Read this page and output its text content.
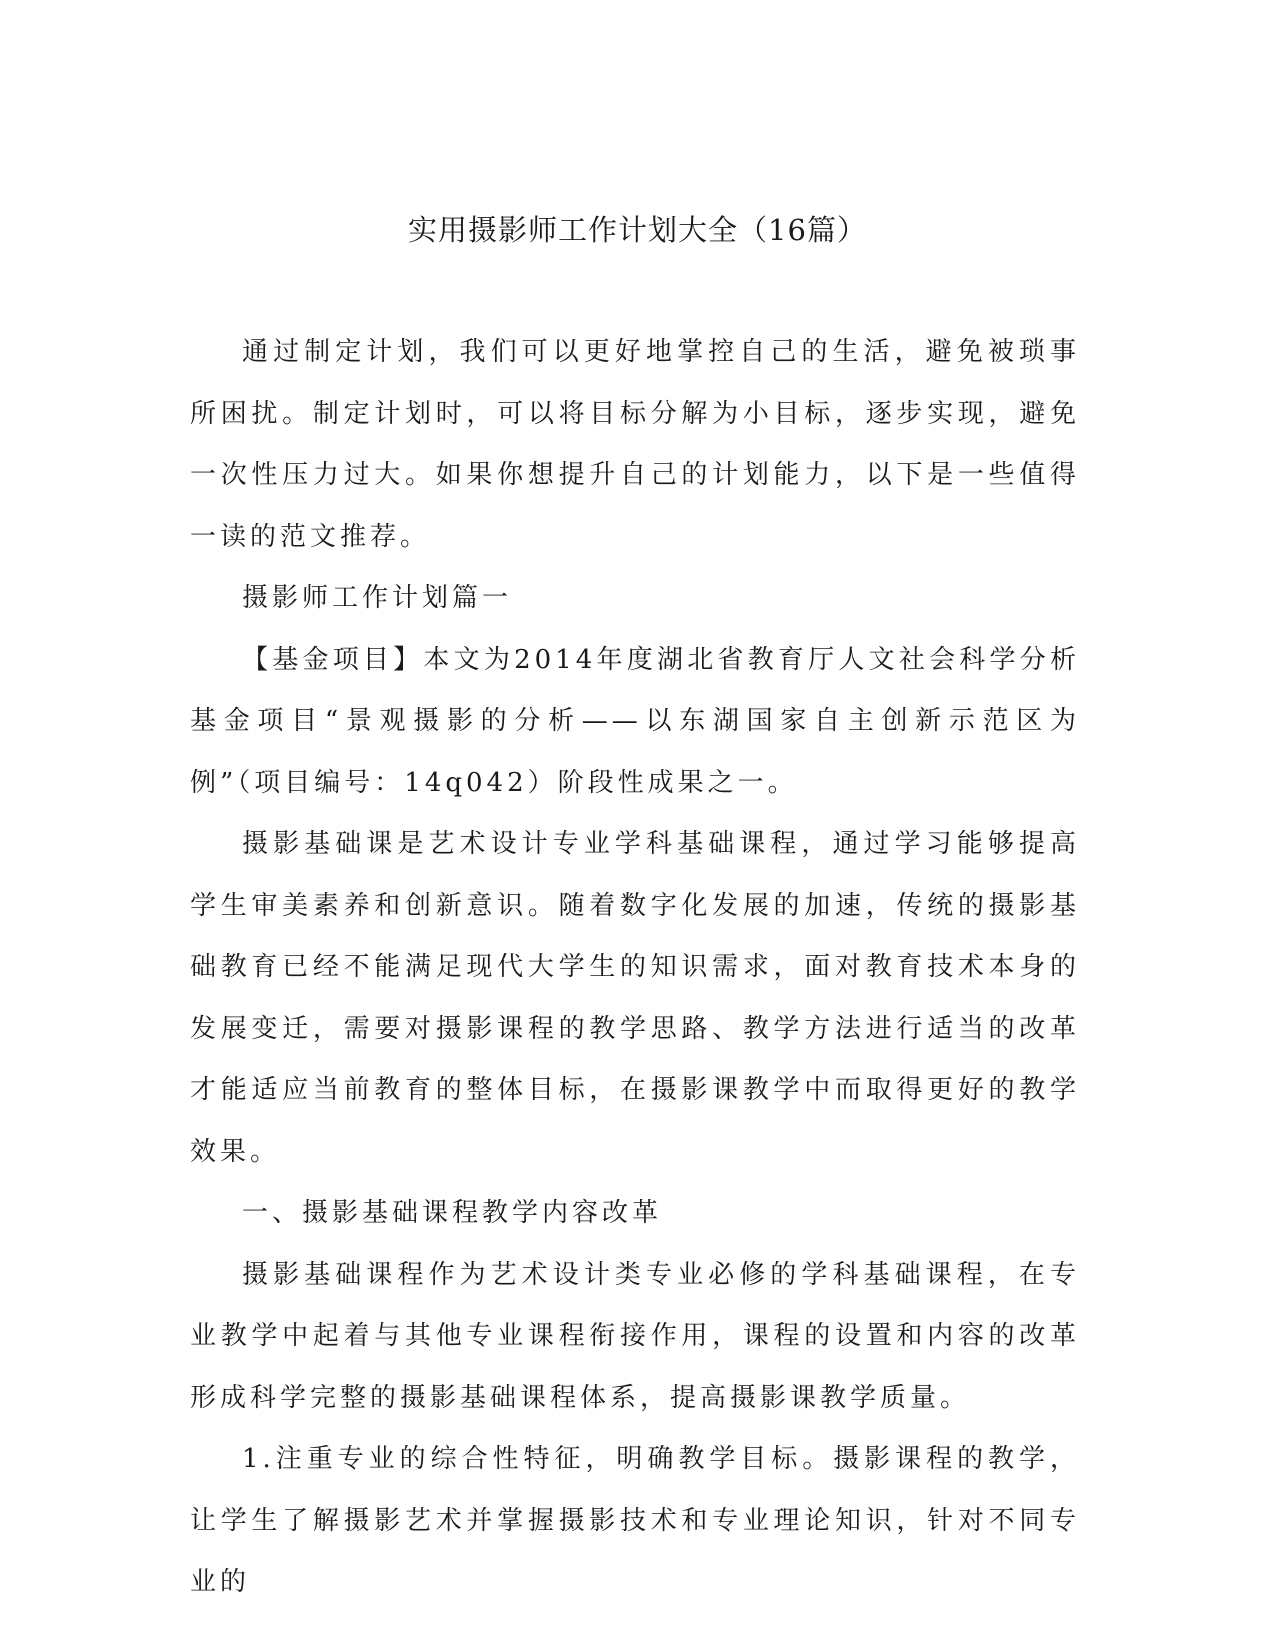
实用摄影师工作计划大全（16篇）

通过制定计划，我们可以更好地掌控自己的生活，避免被琐事所困扰。制定计划时，可以将目标分解为小目标，逐步实现，避免一次性压力过大。如果你想提升自己的计划能力，以下是一些值得一读的范文推荐。

摄影师工作计划篇一

【基金项目】本文为2014年度湖北省教育厅人文社会科学分析基金项目“景观摄影的分析——以东湖国家自主创新示范区为例”（项目编号：14q042）阶段性成果之一。

摄影基础课是艺术设计专业学科基础课程，通过学习能够提高学生审美素养和创新意识。随着数字化发展的加速，传统的摄影基础教育已经不能满足现代大学生的知识需求，面对教育技术本身的发展变迁，需要对摄影课程的教学思路、教学方法进行适当的改革才能适应当前教育的整体目标，在摄影课教学中而取得更好的教学效果。

一、摄影基础课程教学内容改革

摄影基础课程作为艺术设计类专业必修的学科基础课程，在专业教学中起着与其他专业课程衔接作用，课程的设置和内容的改革形成科学完整的摄影基础课程体系，提高摄影课教学质量。

1.注重专业的综合性特征，明确教学目标。摄影课程的教学，让学生了解摄影艺术并掌握摄影技术和专业理论知识，针对不同专业的
